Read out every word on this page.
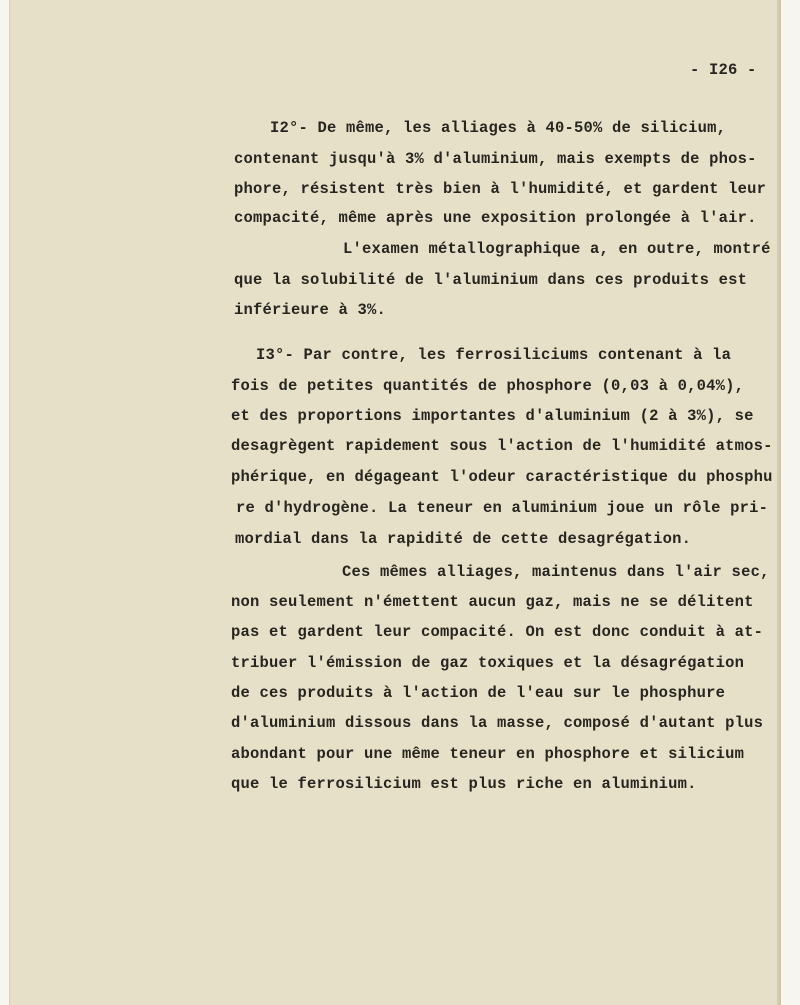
- I26 -

I2°- De même, les alliages à 40-50% de silicium,

contenant jusqu'à 3% d'aluminium, mais exempts de phos-

phore, résistent très bien à l'humidité, et gardent leur

compacité, même après une exposition prolongée à l'air.

L'examen métallographique a, en outre, montré

que la solubilité de l'aluminium dans ces produits est

inférieure à 3%.

I3°- Par contre, les ferrosiliciums contenant à la

fois de petites quantités de phosphore (0,03 à 0,04%),

et des proportions importantes d'aluminium (2 à 3%), se

desagrègent rapidement sous l'action de l'humidité atmos-

phérique, en dégageant l'odeur caractéristique du phosphu

re d'hydrogène. La teneur en aluminium joue un rôle pri-

mordial dans la rapidité de cette desagrégation.

Ces mêmes alliages, maintenus dans l'air sec,

non seulement n'émettent aucun gaz, mais ne se délitent

pas et gardent leur compacité. On est donc conduit à at-

tribuer l'émission de gaz toxiques et la désagrégation

de ces produits à l'action de l'eau sur le phosphure

d'aluminium dissous dans la masse, composé d'autant plus

abondant pour une même teneur en phosphore et silicium

que le ferrosilicium est plus riche en aluminium.
